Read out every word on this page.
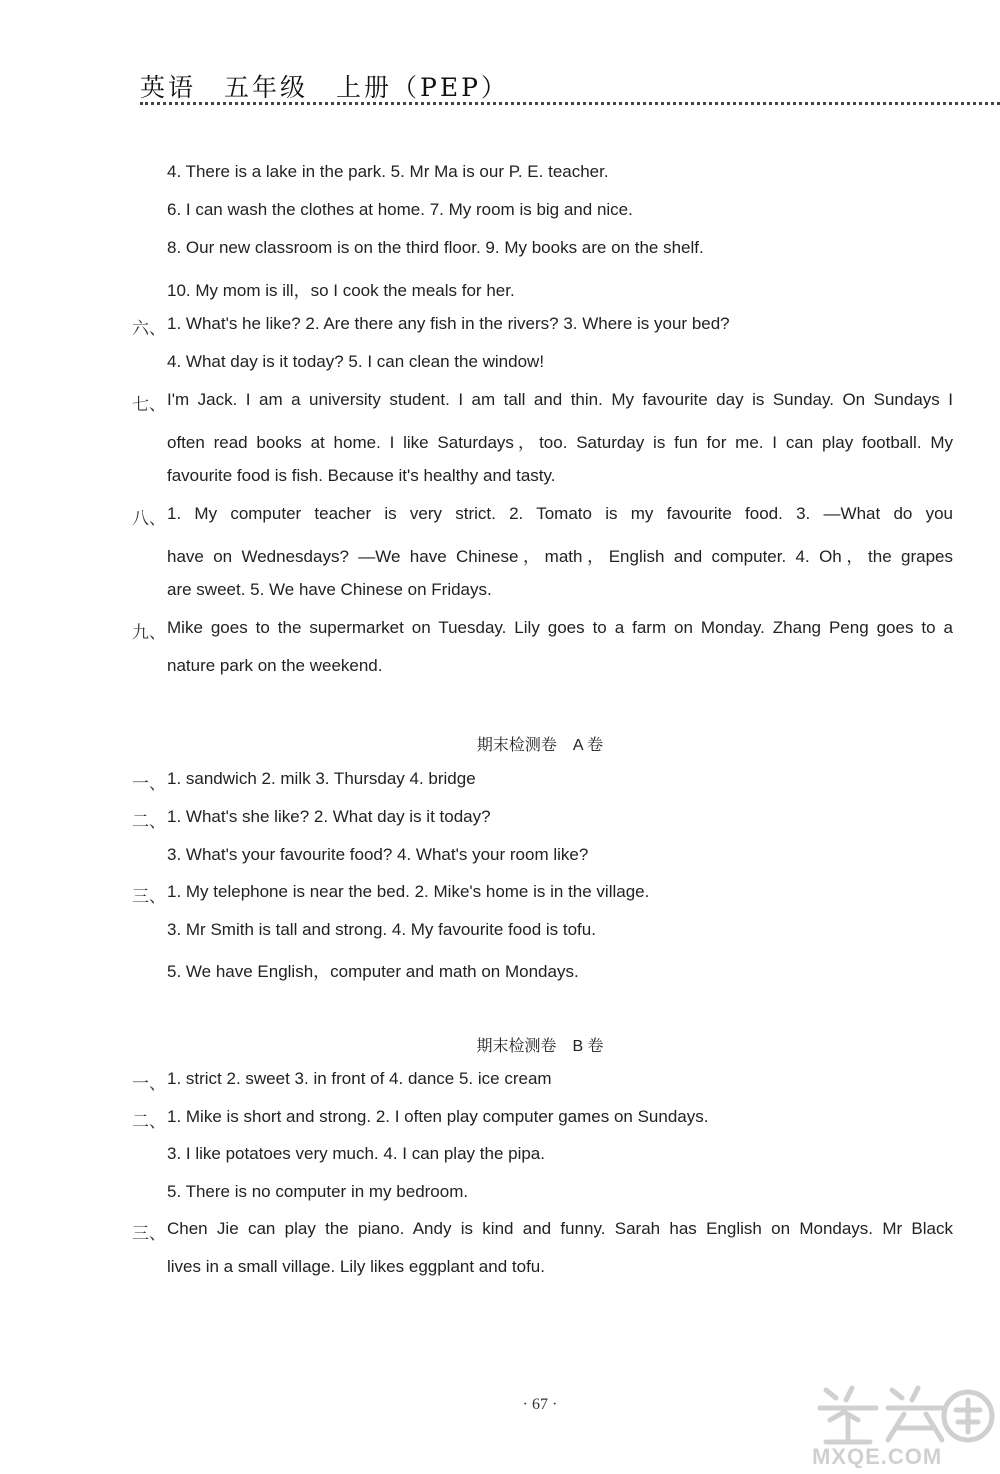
英语　五年级　上册（PEP）
4. There is a lake in the park. 5. Mr Ma is our P. E. teacher.
6. I can wash the clothes at home. 7. My room is big and nice.
8. Our new classroom is on the third floor. 9. My books are on the shelf.
10. My mom is ill，so I cook the meals for her.
六、 1. What's he like? 2. Are there any fish in the rivers? 3. Where is your bed?
4. What day is it today? 5. I can clean the window!
七、 I'm Jack. I am a university student. I am tall and thin. My favourite day is Sunday. On Sundays I
often read books at home. I like Saturdays，too. Saturday is fun for me. I can play football. My
favourite food is fish. Because it's healthy and tasty.
八、 1. My computer teacher is very strict. 2. Tomato is my favourite food. 3. —What do you
have on Wednesdays? —We have Chinese，math，English and computer. 4. Oh，the grapes
are sweet. 5. We have Chinese on Fridays.
九、 Mike goes to the supermarket on Tuesday. Lily goes to a farm on Monday. Zhang Peng goes to a
nature park on the weekend.
期末检测卷　A 卷
一、 1. sandwich 2. milk 3. Thursday 4. bridge
二、 1. What's she like? 2. What day is it today?
3. What's your favourite food? 4. What's your room like?
三、 1. My telephone is near the bed. 2. Mike's home is in the village.
3. Mr Smith is tall and strong. 4. My favourite food is tofu.
5. We have English，computer and math on Mondays.
期末检测卷　B 卷
一、 1. strict 2. sweet 3. in front of 4. dance 5. ice cream
二、 1. Mike is short and strong. 2. I often play computer games on Sundays.
3. I like potatoes very much. 4. I can play the pipa.
5. There is no computer in my bedroom.
三、 Chen Jie can play the piano. Andy is kind and funny. Sarah has English on Mondays. Mr Black
lives in a small village. Lily likes eggplant and tofu.
· 67 ·
MXQE.COM
